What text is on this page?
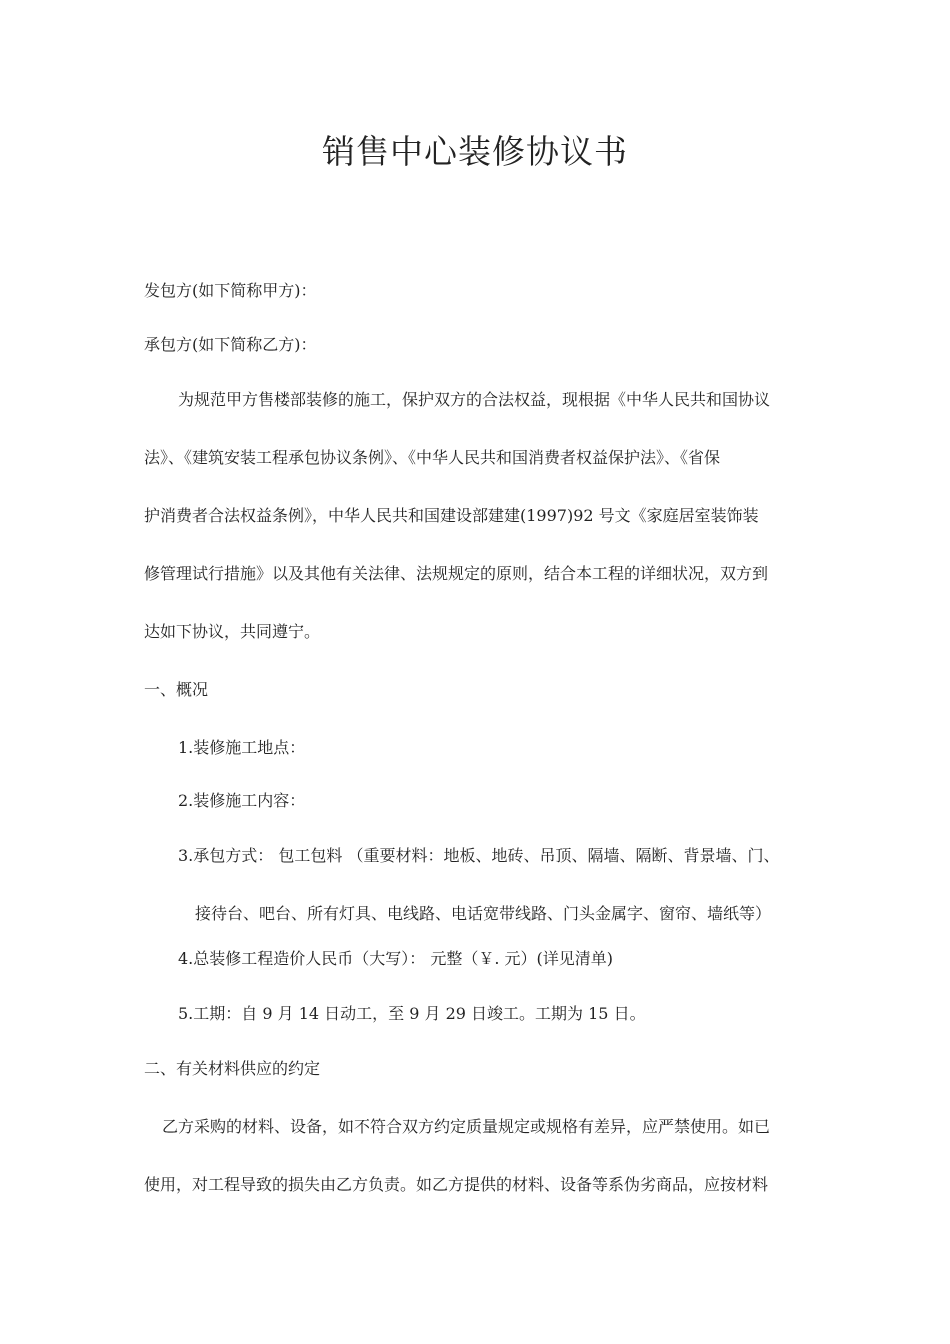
销售中心装修协议书
发包方(如下简称甲方)：
承包方(如下简称乙方)：
为规范甲方售楼部装修的施工，保护双方的合法权益，现根据《中华人民共和国协议
法》、《建筑安装工程承包协议条例》、《中华人民共和国消费者权益保护法》、《省保
护消费者合法权益条例》，中华人民共和国建设部建建(1997)92 号文《家庭居室装饰装
修管理试行措施》以及其他有关法律、法规规定的原则，结合本工程的详细状况，双方到
达如下协议，共同遵宁。
一、概况
1.装修施工地点：
2.装修施工内容：
3.承包方式： 包工包料 （重要材料：地板、地砖、吊顶、隔墙、隔断、背景墙、门、
接待台、吧台、所有灯具、电线路、电话宽带线路、门头金属字、窗帘、墙纸等）
4.总装修工程造价人民币（大写）： 元整（￥. 元）(详见清单)
5.工期：自 9 月 14 日动工，至 9 月 29 日竣工。工期为 15 日。
二、有关材料供应的约定
乙方采购的材料、设备，如不符合双方约定质量规定或规格有差异，应严禁使用。如已
使用，对工程导致的损失由乙方负责。如乙方提供的材料、设备等系伪劣商品，应按材料
